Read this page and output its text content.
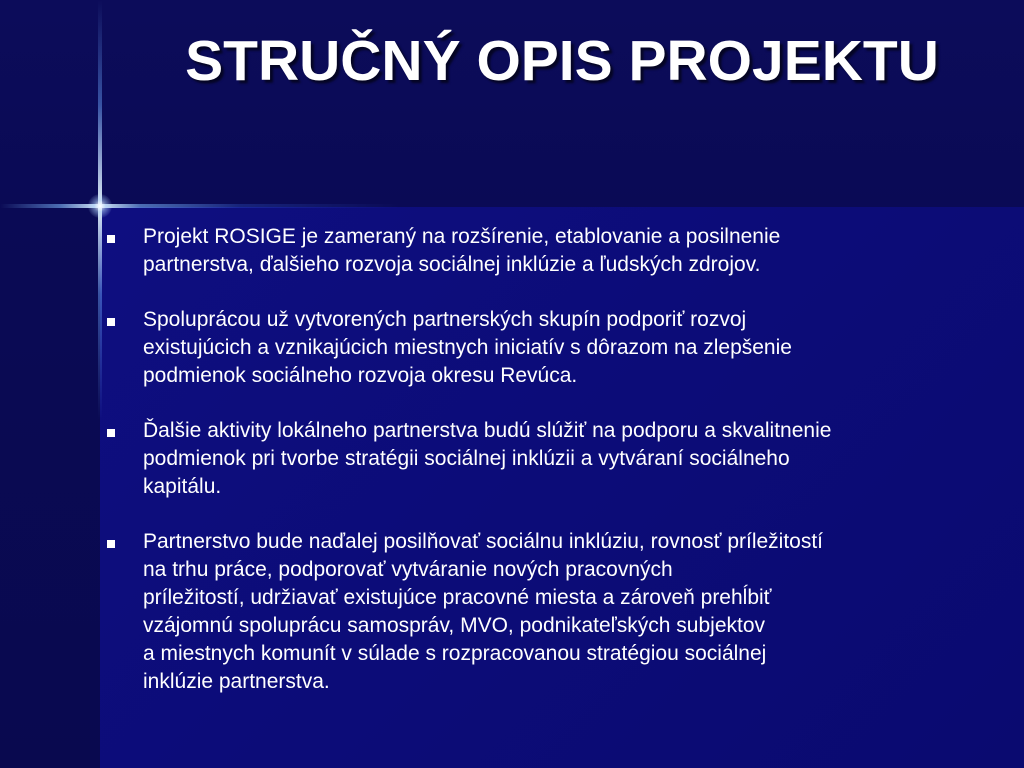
STRUČNÝ OPIS PROJEKTU
Projekt ROSIGE je zameraný na rozšírenie, etablovanie a posilnenie
partnerstva, ďalšieho rozvoja sociálnej inklúzie a ľudských zdrojov.
Spoluprácou už vytvorených partnerských skupín podporiť rozvoj
existujúcich a vznikajúcich miestnych iniciatív s dôrazom na zlepšenie
podmienok sociálneho rozvoja okresu Revúca.
Ďalšie aktivity lokálneho partnerstva budú slúžiť na podporu a skvalitnenie
podmienok pri tvorbe stratégii sociálnej inklúzii a vytváraní sociálneho
kapitálu.
Partnerstvo bude naďalej posilňovať sociálnu inklúziu, rovnosť príležitostí
na trhu práce, podporovať vytváranie nových pracovných
príležitostí, udržiavať existujúce pracovné miesta a zároveň prehĺbiť
vzájomnú spoluprácu samospráv, MVO, podnikateľských subjektov
a miestnych komunít v súlade s rozpracovanou stratégiou sociálnej
inklúzie partnerstva.
